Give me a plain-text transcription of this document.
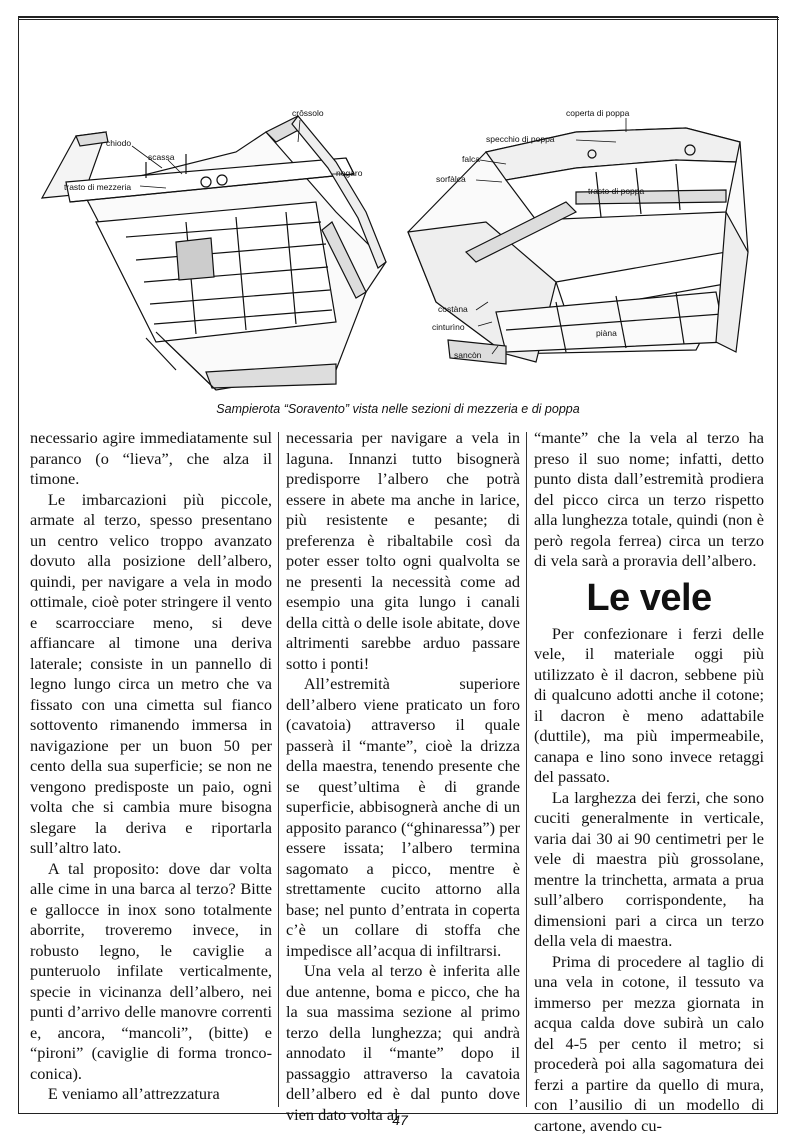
chiodo
scassa
trasto di mezzeria
crôssolo
nogàro
coperta di poppa
specchio di poppa
falca
sorfàlca
trasto di poppa
costàna
cinturìno
piàna
sancòn
Sampierota “Soravento” vista nelle sezioni di mezzeria e di poppa

necessario agire immediatamente sul paranco (o “lieva”, che alza il timone.

Le imbarcazioni più piccole, armate al terzo, spesso presentano un centro velico troppo avanzato dovuto alla posizione dell’albero, quindi, per navigare a vela in modo ottimale, cioè poter stringere il vento e scarrocciare meno, si deve affiancare al timone una deriva laterale; consiste in un pannello di legno lungo circa un metro che va fissato con una cimetta sul fianco sottovento rimanendo immersa in navigazione per un buon 50 per cento della sua superficie; se non ne vengono predisposte un paio, ogni volta che si cambia mure bisogna slegare la deriva e riportarla sull’altro lato.

A tal proposito: dove dar volta alle cime in una barca al terzo? Bitte e gallocce in inox sono totalmente aborrite, troveremo invece, in robusto legno, le caviglie a punteruolo infilate verticalmente, specie in vicinanza dell’albero, nei punti d’arrivo delle manovre correnti e, ancora, “mancoli”, (bitte) e “pironi” (caviglie di forma tronco-conica).

E veniamo all’attrezzatura

necessaria per navigare a vela in laguna. Innanzi tutto bisognerà predisporre l’albero che potrà essere in abete ma anche in larice, più resistente e pesante; di preferenza è ribaltabile così da poter esser tolto ogni qualvolta se ne presenti la necessità come ad esempio una gita lungo i canali della città o delle isole abitate, dove altrimenti sarebbe arduo passare sotto i ponti!

All’estremità superiore dell’albero viene praticato un foro (cavatoia) attraverso il quale passerà il “mante”, cioè la drizza della maestra, tenendo presente che se quest’ultima è di grande superficie, abbisognerà anche di un apposito paranco (“ghinaressa”) per essere issata; l’albero termina sagomato a picco, mentre è strettamente cucito attorno alla base; nel punto d’entrata in coperta c’è un collare di stoffa che impedisce all’acqua di infiltrarsi.

Una vela al terzo è inferita alle due antenne, boma e picco, che ha la sua massima sezione al primo terzo della lunghezza; qui andrà annodato il “mante” dopo il passaggio attraverso la cavatoia dell’albero ed è dal punto dove vien dato volta al

“mante” che la vela al terzo ha preso il suo nome; infatti, detto punto dista dall’estremità prodiera del picco circa un terzo rispetto alla lunghezza totale, quindi (non è però regola ferrea) circa un terzo di vela sarà a proravia dell’albero.

Le vele

Per confezionare i ferzi delle vele, il materiale oggi più utilizzato è il dacron, sebbene più di qualcuno adotti anche il cotone; il dacron è meno adattabile (duttile), ma più impermeabile, canapa e lino sono invece retaggi del passato.

La larghezza dei ferzi, che sono cuciti generalmente in verticale, varia dai 30 ai 90 centimetri per le vele di maestra più grossolane, mentre la trinchetta, armata a prua sull’albero corrispondente, ha dimensioni pari a circa un terzo della vela di maestra.

Prima di procedere al taglio di una vela in cotone, il tessuto va immerso per mezza giornata in acqua calda dove subirà un calo del 4-5 per cento il metro; si procederà poi alla sagomatura dei ferzi a partire da quello di mura, con l’ausilio di un modello di cartone, avendo cu-

47
